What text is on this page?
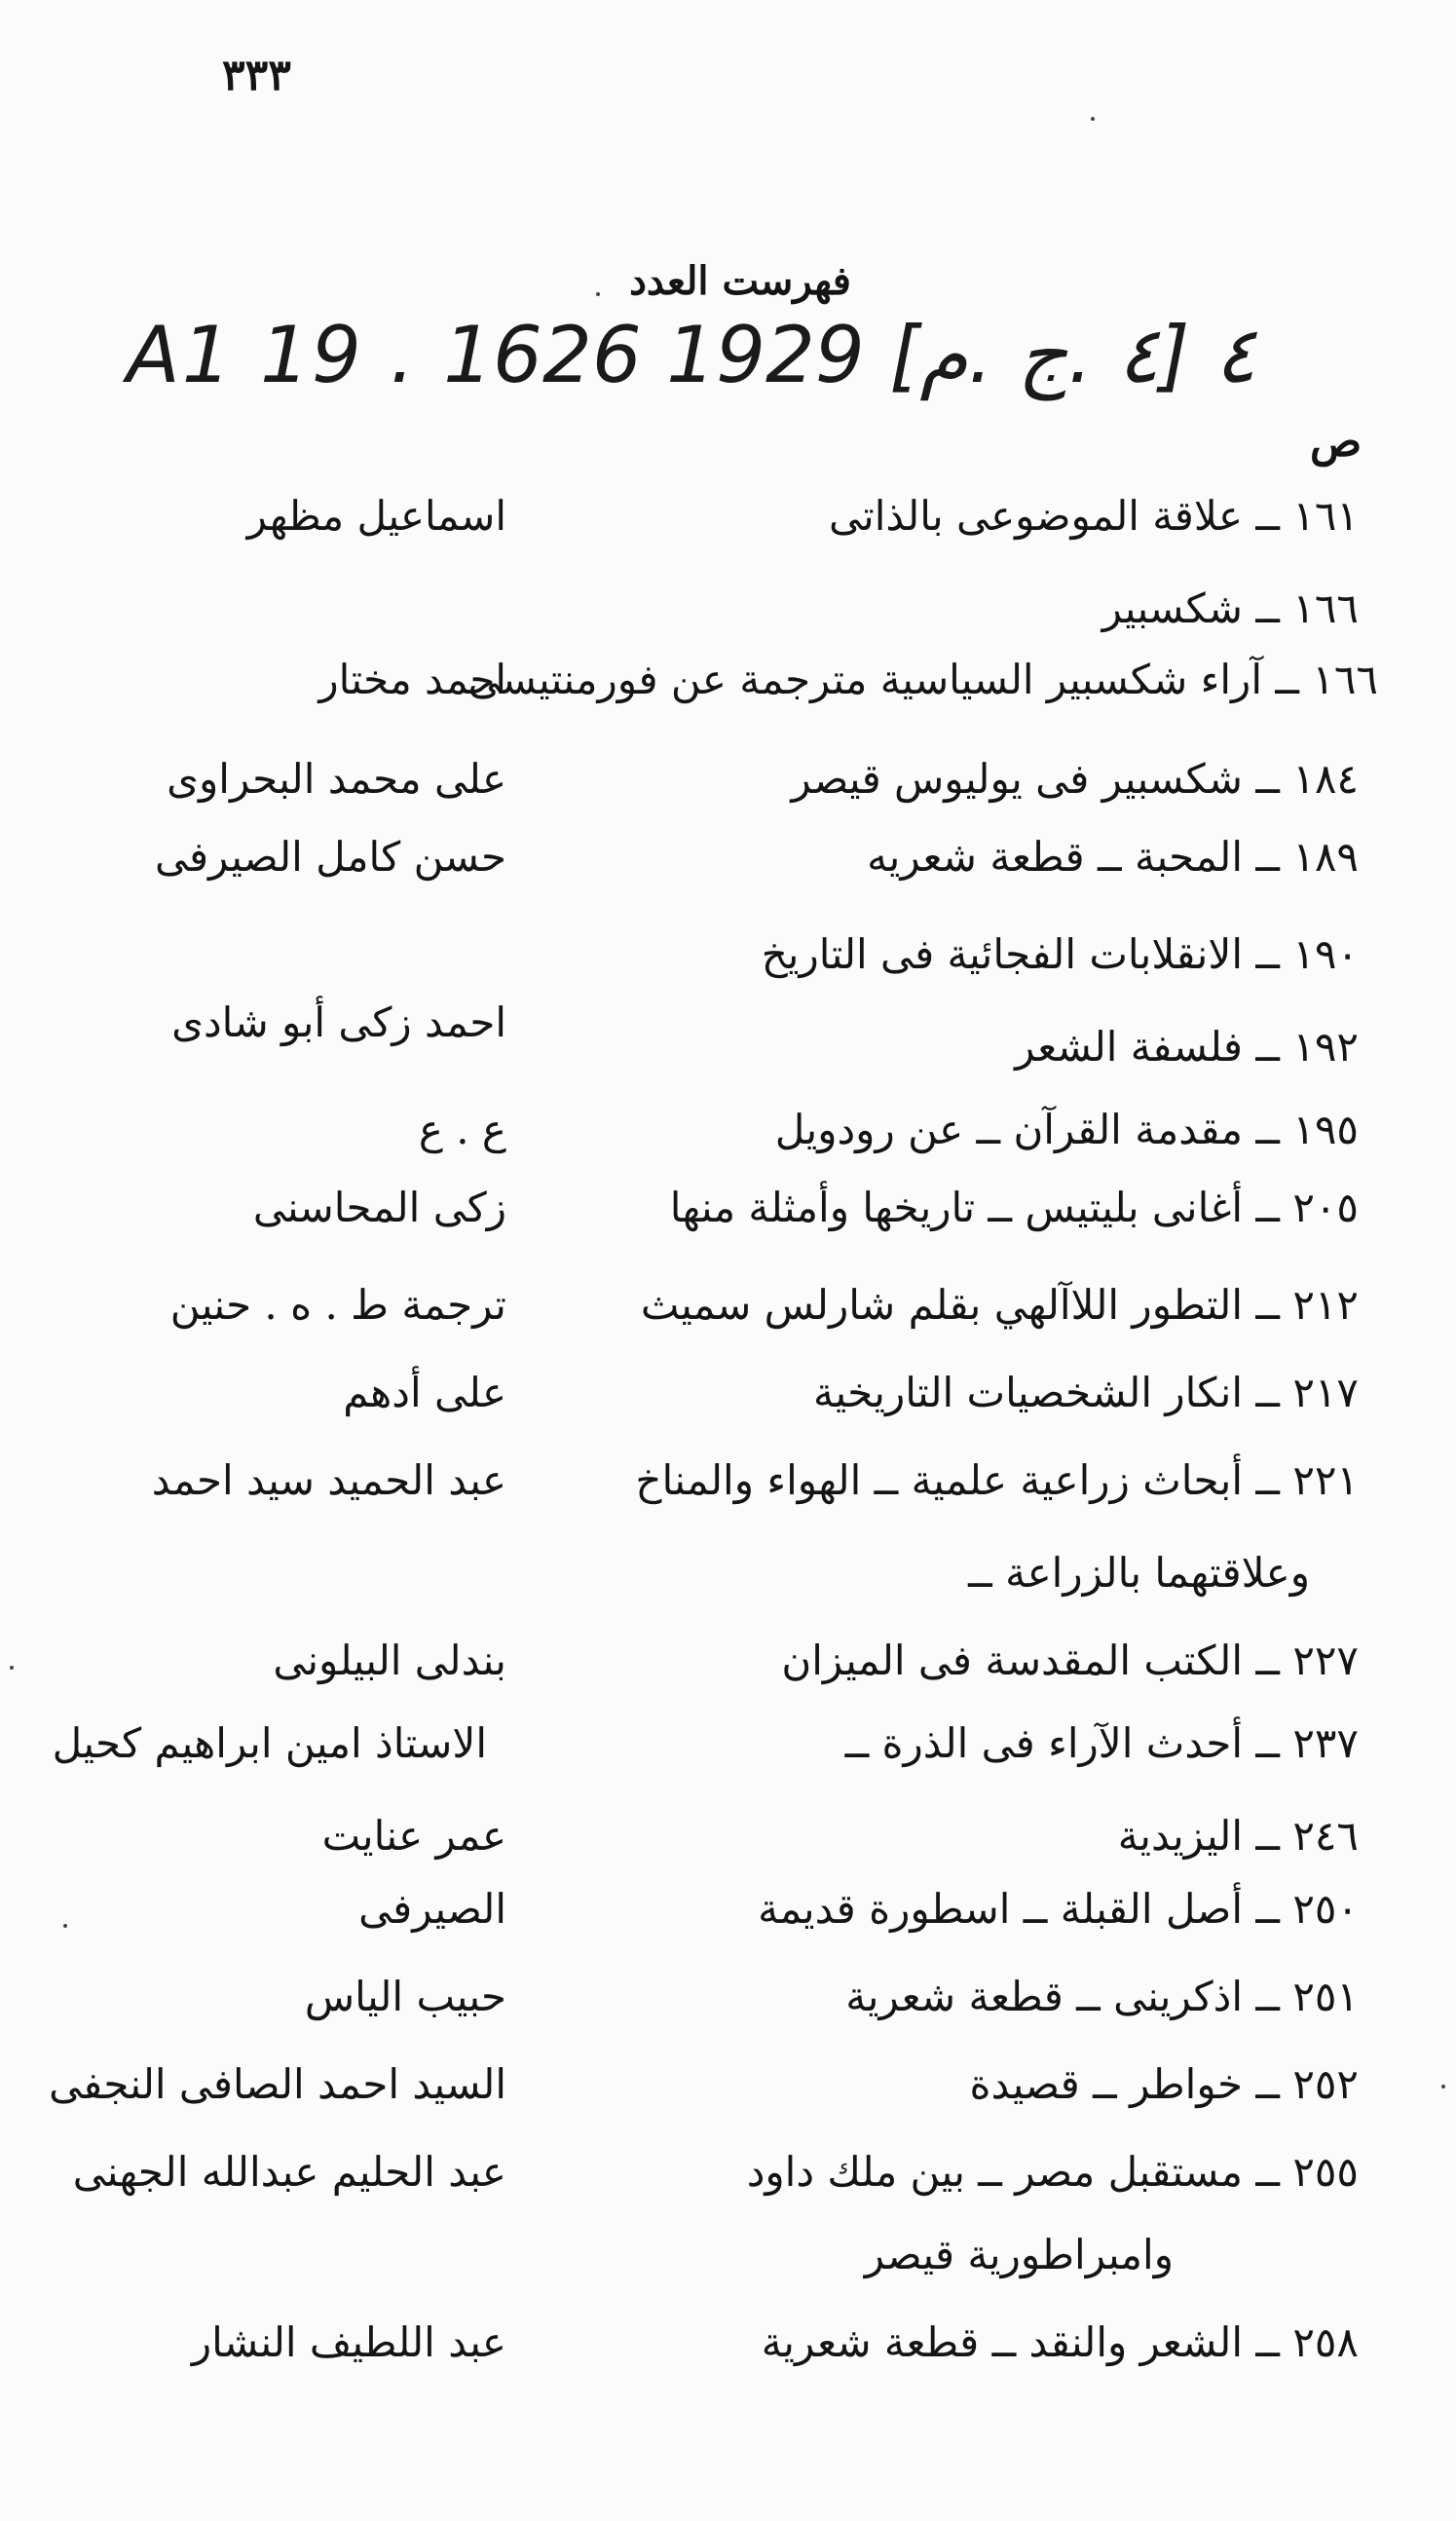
٣٣٣
فهرست العدد
A1 19 . ٤ [٤ .ج .م] 1929 1626
ص
١٦١ ــ علاقة الموضوعى بالذاتى
اسماعيل مظهر
١٦٦ ــ شكسبير
١٦٦ ــ آراء شكسبير السياسية مترجمة عن فورمنتيسى
احمد مختار
١٨٤ ــ شكسبير فى يوليوس قيصر
على محمد البحراوى
١٨٩ ــ المحبة ــ قطعة شعريه
حسن كامل الصيرفى
١٩٠ ــ الانقلابات الفجائية فى التاريخ
١٩٢ ــ فلسفة الشعر
احمد زكى أبو شادى
١٩٥ ــ مقدمة القرآن ــ عن رودويل
ع . ع
٢٠٥ ــ أغانى بليتيس ــ تاريخها وأمثلة منها
زكى المحاسنى
٢١٢ ــ التطور اللاآلهي بقلم شارلس سميث
ترجمة ط . ه . حنين
٢١٧ ــ انكار الشخصيات التاريخية
على أدهم
٢٢١ ــ أبحاث زراعية علمية ــ الهواء والمناخ
عبد الحميد سيد احمد
وعلاقتهما بالزراعة ــ
٢٢٧ ــ الكتب المقدسة فى الميزان
بندلى البيلونى
٢٣٧ ــ أحدث الآراء فى الذرة ــ
الاستاذ امين ابراهيم كحيل
٢٤٦ ــ اليزيدية
عمر عنايت
٢٥٠ ــ أصل القبلة ــ اسطورة قديمة
الصيرفى
٢٥١ ــ اذكرينى ــ قطعة شعرية
حبيب الياس
٢٥٢ ــ خواطر ــ قصيدة
السيد احمد الصافى النجفى
٢٥٥ ــ مستقبل مصر ــ بين ملك داود
عبد الحليم عبدالله الجهنى
وامبراطورية قيصر
٢٥٨ ــ الشعر والنقد ــ قطعة شعرية
عبد اللطيف النشار
